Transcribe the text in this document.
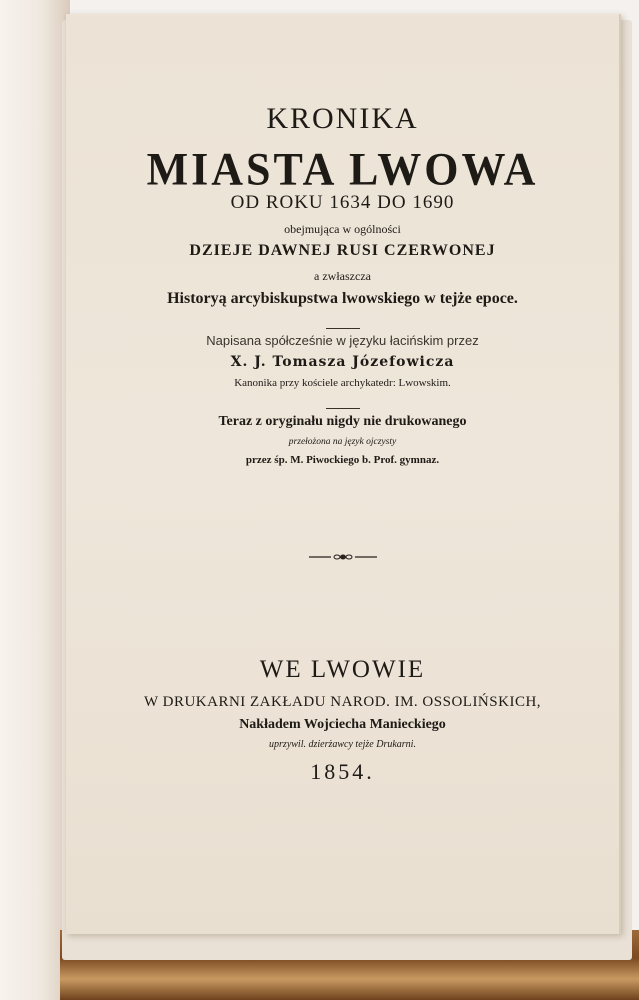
KRONIKA
MIASTA LWOWA
OD ROKU 1634 DO 1690
obejmująca w ogólności
DZIEJE DAWNEJ RUSI CZERWONEJ
a zwłaszcza
Historyą arcybiskupstwa lwowskiego w tejże epoce.
Napisana spółcześnie w języku łacińskim przez
X. J. Tomasza Józefowicza
Kanonika przy kościele archykatedr: Lwowskim.
Teraz z oryginału nigdy nie drukowanego
przełożona na język ojczysty
przez śp. M. Piwockiego b. Prof. gymnaz.
WE LWOWIE
W DRUKARNI ZAKŁADU NAROD. IM. OSSOLIŃSKICH,
Nakładem Wojciecha Manieckiego
uprzywil. dzierżawcy tejże Drukarni.
1854.
